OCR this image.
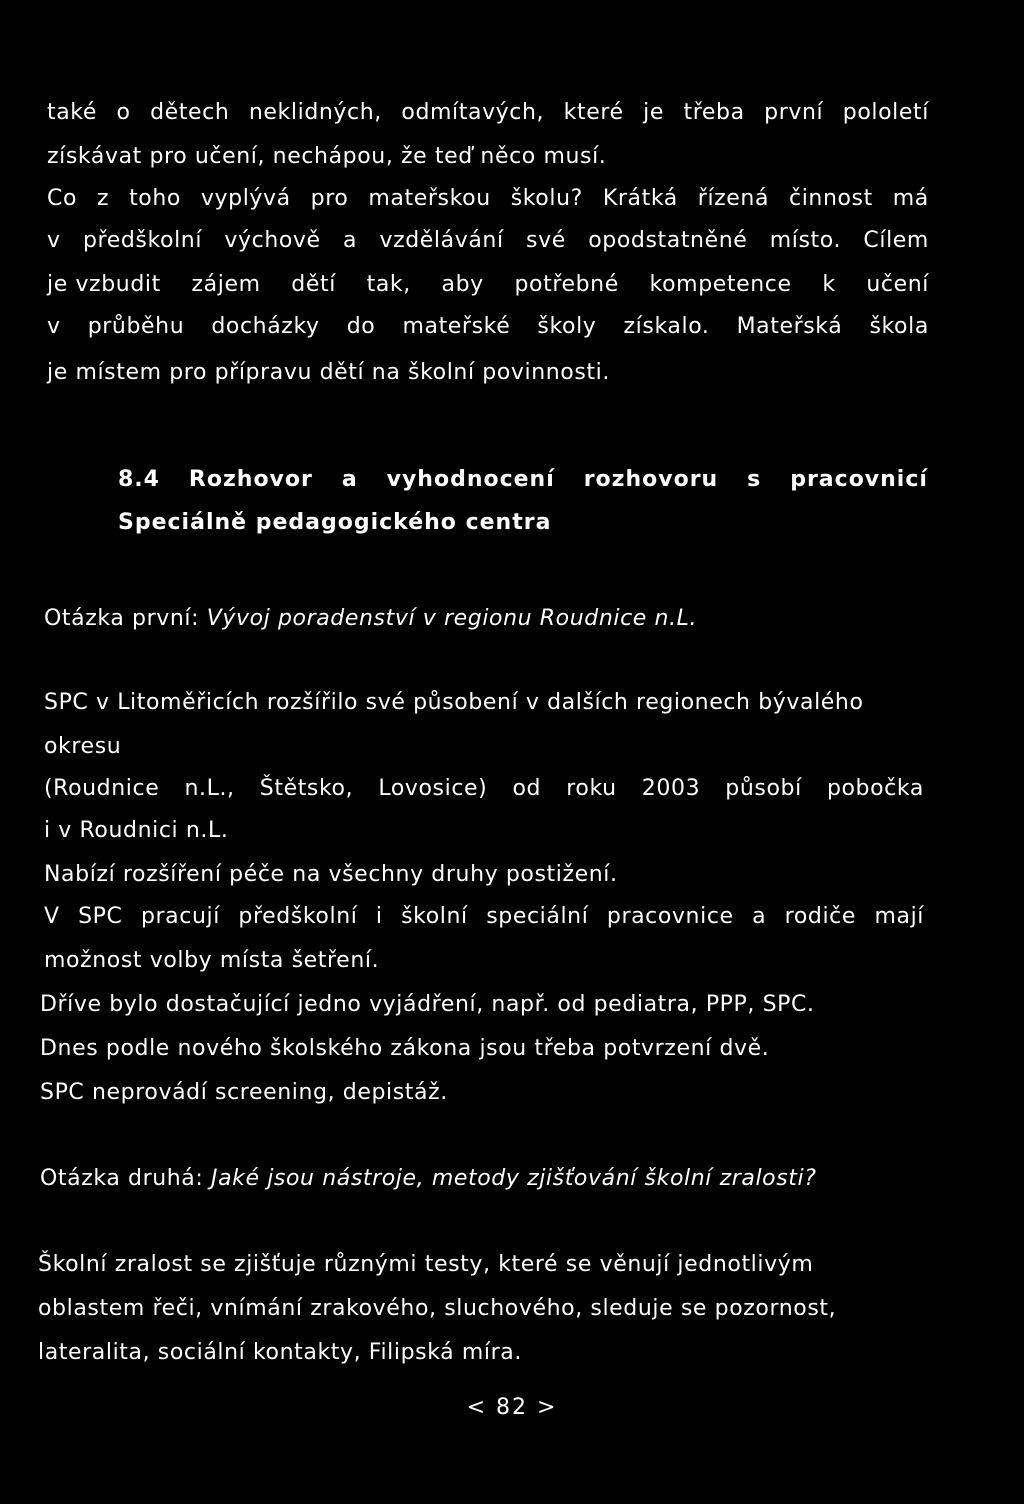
také o dětech neklidných, odmítavých, které je třeba první pololetí
získávat pro učení, nechápou, že teď něco musí.
Co z toho vyplývá pro mateřskou školu? Krátká řízená činnost má
v předškolní výchově a vzdělávání své opodstatněné místo. Cílem
je vzbudit zájem dětí tak, aby potřebné kompetence k učení
v průběhu docházky do mateřské školy získalo. Mateřská škola
je místem pro přípravu dětí na školní povinnosti.
8.4 Rozhovor a vyhodnocení rozhovoru s pracovnicí
Speciálně pedagogického centra
Otázka první: Vývoj poradenství v regionu Roudnice n.L.
SPC v Litoměřicích rozšířilo své působení v dalších regionech bývalého
okresu
(Roudnice n.L., Štětsko, Lovosice) od roku 2003 působí pobočka
i v Roudnici n.L.
Nabízí rozšíření péče na všechny druhy postižení.
V SPC pracují předškolní i školní speciální pracovnice a rodiče mají
možnost volby místa šetření.
Dříve bylo dostačující jedno vyjádření, např. od pediatra, PPP, SPC.
Dnes podle nového školského zákona jsou třeba potvrzení dvě.
SPC neprovádí screening, depistáž.
Otázka druhá: Jaké jsou nástroje, metody zjišťování školní zralosti?
Školní zralost se zjišťuje různými testy, které se věnují jednotlivým
oblastem řeči, vnímání zrakového, sluchového, sleduje se pozornost,
lateralita, sociální kontakty, Filipská míra.
< 82 >
